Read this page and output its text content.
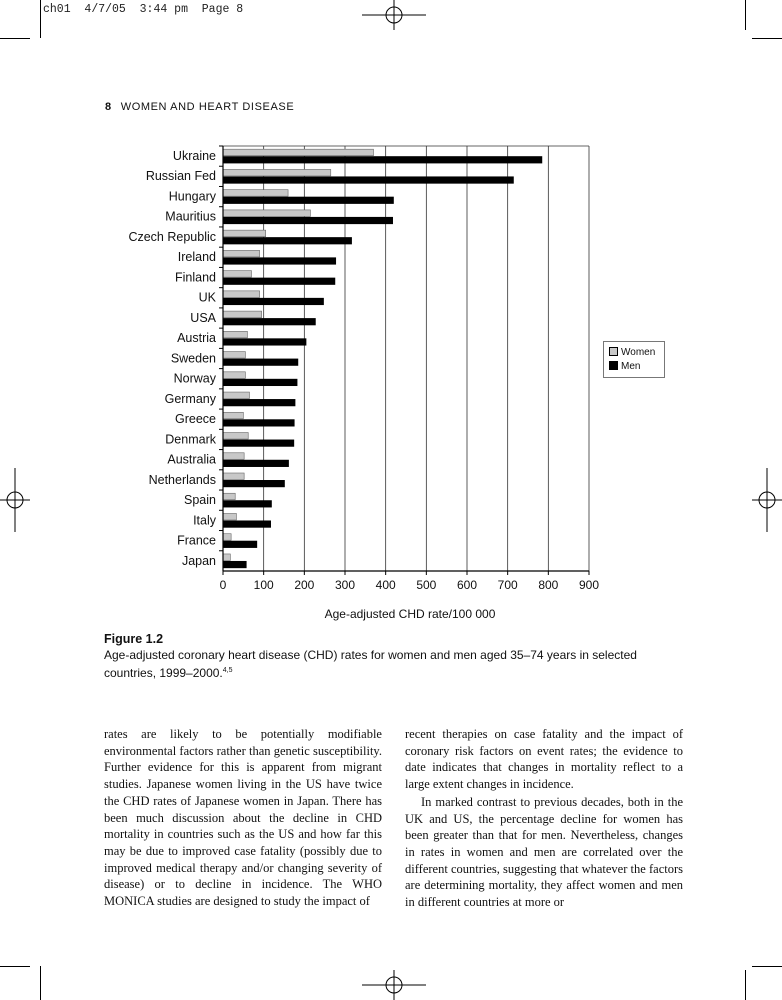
ch01 4/7/05 3:44 pm Page 8
8 WOMEN AND HEART DISEASE
0 100 200 300 400 500 600 700 800 900
Ukraine
Russian Fed
Hungary
Mauritius
Czech Republic
Ireland
Finland
UK
USA
Austria
Sweden
Norway
Germany
Greece
Denmark
Australia
Netherlands
Spain
Italy
France
Japan
Age-adjusted CHD rate/100 000
Women
Men
Figure 1.2
Age-adjusted coronary heart disease (CHD) rates for women and men aged 35–74 years in selected countries, 1999–2000.$^{4,5}$

rates are likely to be potentially modifiable environmental factors rather than genetic susceptibility. Further evidence for this is apparent from migrant studies. Japanese women living in the US have twice the CHD rates of Japanese women in Japan. There has been much discussion about the decline in CHD mortality in countries such as the US and how far this may be due to improved case fatality (possibly due to improved medical therapy and/or changing severity of disease) or to decline in incidence. The WHO MONICA studies are designed to study the impact of

recent therapies on case fatality and the impact of coronary risk factors on event rates; the evidence to date indicates that changes in mortality reflect to a large extent changes in incidence.

In marked contrast to previous decades, both in the UK and US, the percentage decline for women has been greater than that for men. Nevertheless, changes in rates in women and men are correlated over the different countries, suggesting that whatever the factors are determining mortality, they affect women and men in different countries at more or
